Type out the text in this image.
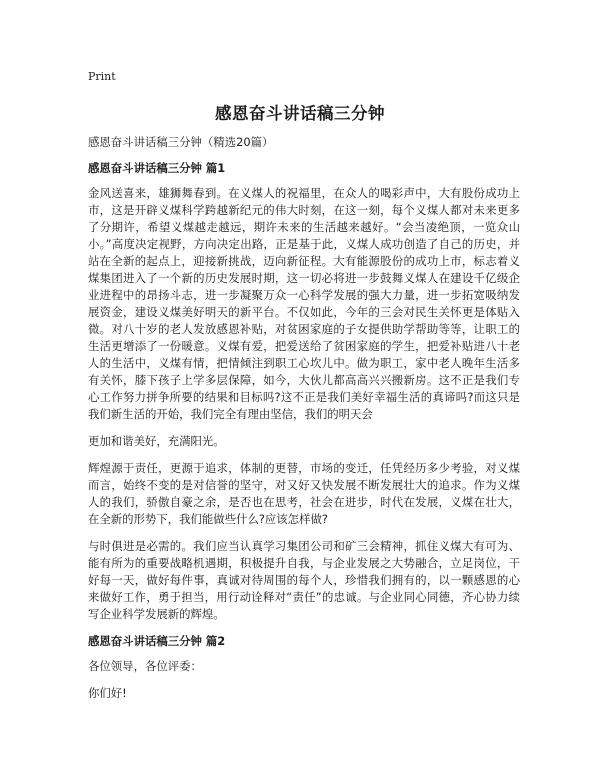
Print
感恩奋斗讲话稿三分钟

感恩奋斗讲话稿三分钟（精选20篇）

感恩奋斗讲话稿三分钟 篇1

金风送喜来，雄狮舞春到。在义煤人的祝福里，在众人的喝彩声中，大有股份成功上市，这是开辟义煤科学跨越新纪元的伟大时刻，在这一刻，每个义煤人都对未来更多了分期许，希望义煤越走越远，期许未来的生活越来越好。“会当凌绝顶，一览众山小。”高度决定视野，方向决定出路，正是基于此，义煤人成功创造了自己的历史，并站在全新的起点上，迎接新挑战，迈向新征程。大有能源股份的成功上市，标志着义煤集团进入了一个新的历史发展时期，这一切必将进一步鼓舞义煤人在建设千亿级企业进程中的昂扬斗志，进一步凝聚万众一心科学发展的强大力量，进一步拓宽吸纳发展资金，建设义煤美好明天的新平台。不仅如此，今年的三会对民生关怀更是体贴入微。对八十岁的老人发放感恩补贴，对贫困家庭的子女提供助学帮助等等，让职工的生活更增添了一份暖意。义煤有爱，把爱送给了贫困家庭的学生，把爱补贴进八十老人的生活中，义煤有情，把情倾注到职工心坎儿中。做为职工，家中老人晚年生活多有关怀，膝下孩子上学多层保障，如今，大伙儿都高高兴兴搬新房。这不正是我们专心工作努力拼争所要的结果和目标吗?这不正是我们美好幸福生活的真谛吗?而这只是我们新生活的开始，我们完全有理由坚信，我们的明天会

更加和谐美好，充满阳光。

辉煌源于责任，更源于追求，体制的更替，市场的变迁，任凭经历多少考验，对义煤而言，始终不变的是对信誉的坚守，对又好又快发展不断发展壮大的追求。作为义煤人的我们，骄傲自豪之余，是否也在思考，社会在进步，时代在发展，义煤在壮大，在全新的形势下，我们能做些什么?应该怎样做?

与时俱进是必需的。我们应当认真学习集团公司和矿三会精神，抓住义煤大有可为、能有所为的重要战略机遇期，积极提升自我，与企业发展之大势融合，立足岗位，干好每一天，做好每件事，真诚对待周围的每个人，珍惜我们拥有的，以一颗感恩的心来做好工作，勇于担当，用行动诠释对“责任”的忠诚。与企业同心同德，齐心协力续写企业科学发展新的辉煌。

感恩奋斗讲话稿三分钟 篇2

各位领导，各位评委：

你们好!
